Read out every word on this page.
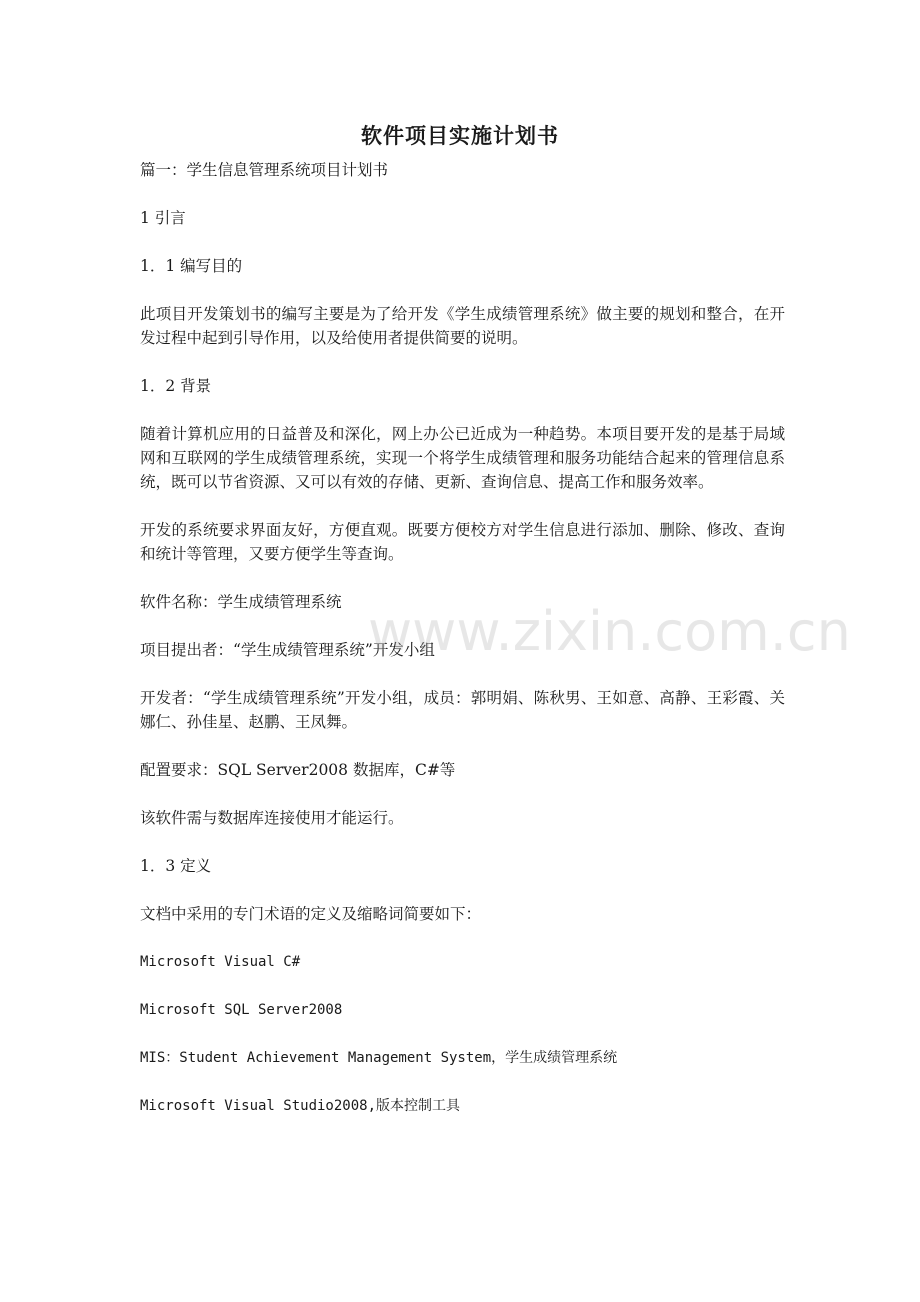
软件项目实施计划书

篇一：学生信息管理系统项目计划书

1 引言

1．1 编写目的

此项目开发策划书的编写主要是为了给开发《学生成绩管理系统》做主要的规划和整合，在开发过程中起到引导作用，以及给使用者提供简要的说明。

1．2 背景

随着计算机应用的日益普及和深化，网上办公已近成为一种趋势。本项目要开发的是基于局域网和互联网的学生成绩管理系统，实现一个将学生成绩管理和服务功能结合起来的管理信息系统，既可以节省资源、又可以有效的存储、更新、查询信息、提高工作和服务效率。

开发的系统要求界面友好，方便直观。既要方便校方对学生信息进行添加、删除、修改、查询和统计等管理，又要方便学生等查询。

软件名称：学生成绩管理系统

项目提出者：“学生成绩管理系统”开发小组

开发者：“学生成绩管理系统”开发小组，成员：郭明娟、陈秋男、王如意、高静、王彩霞、关娜仁、孙佳星、赵鹏、王凤舞。

配置要求：SQL Server2008 数据库，C#等

该软件需与数据库连接使用才能运行。

1．3 定义

文档中采用的专门术语的定义及缩略词简要如下：

Microsoft Visual C#

Microsoft SQL Server2008

MIS：Student Achievement Management System，学生成绩管理系统

Microsoft Visual Studio2008,版本控制工具

www.zixin.com.cn
